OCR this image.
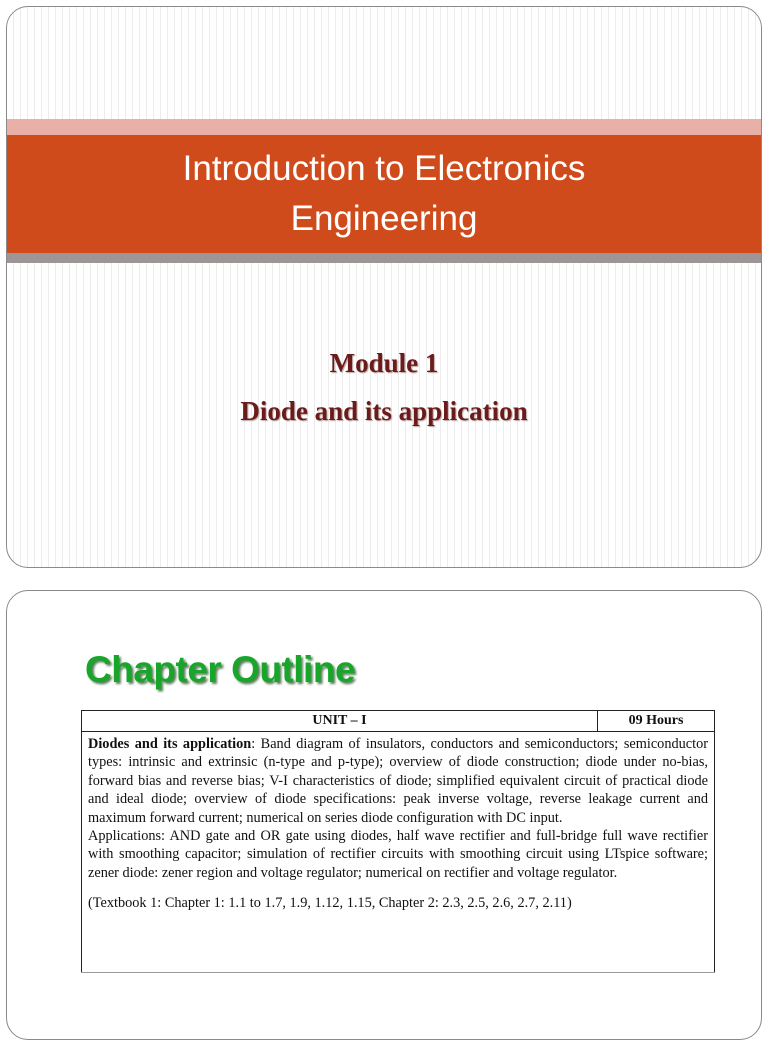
Introduction to Electronics
Engineering
Module 1
Diode and its application
Chapter Outline
UNIT – I	09 Hours

Diodes and its application: Band diagram of insulators, conductors and semiconductors; semiconductor types: intrinsic and extrinsic (n-type and p-type); overview of diode construction; diode under no-bias, forward bias and reverse bias; V-I characteristics of diode; simplified equivalent circuit of practical diode and ideal diode; overview of diode specifications: peak inverse voltage, reverse leakage current and maximum forward current; numerical on series diode configuration with DC input.

Applications: AND gate and OR gate using diodes, half wave rectifier and full-bridge full wave rectifier with smoothing capacitor; simulation of rectifier circuits with smoothing circuit using LTspice software; zener diode: zener region and voltage regulator; numerical on rectifier and voltage regulator.

(Textbook 1: Chapter 1: 1.1 to 1.7, 1.9, 1.12, 1.15, Chapter 2: 2.3, 2.5, 2.6, 2.7, 2.11)
